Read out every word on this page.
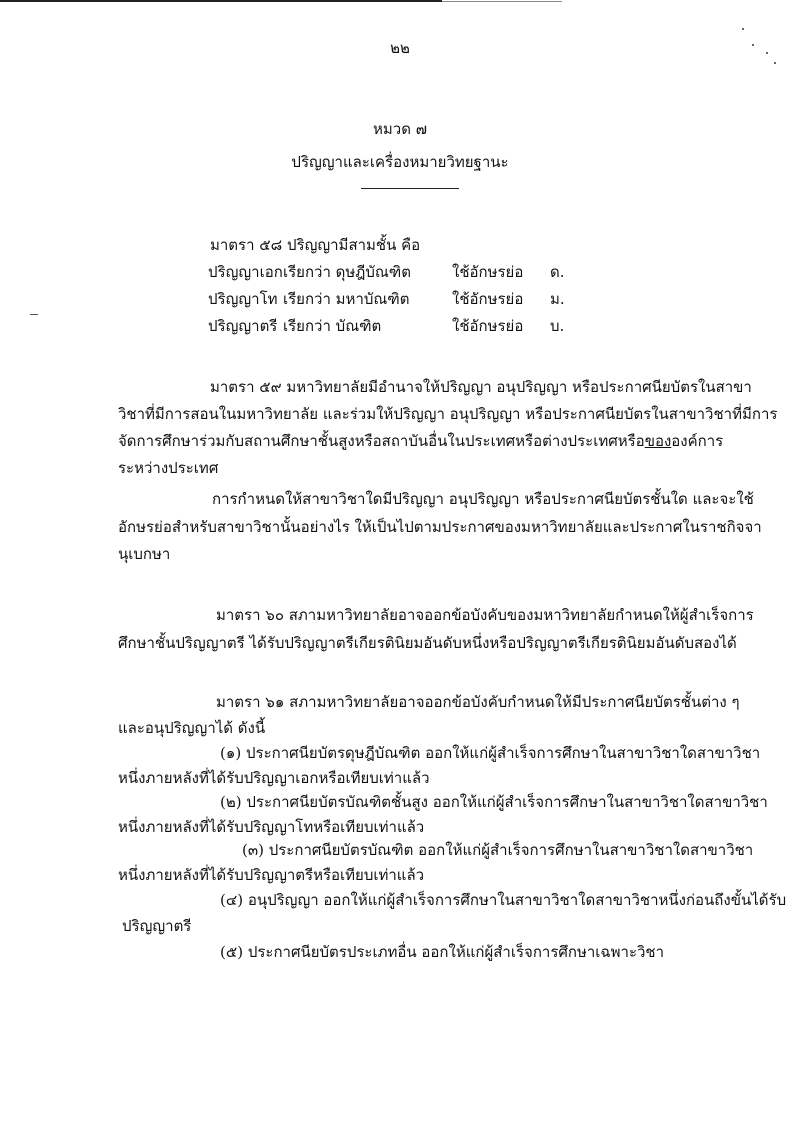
๒๒
หมวด ๗
ปริญญาและเครื่องหมายวิทยฐานะ
มาตรา ๕๘ ปริญญามีสามชั้น คือ
ปริญญาเอก เรียกว่า ดุษฎีบัณฑิต	ใช้อักษรย่อ ด.
ปริญญาโท เรียกว่า มหาบัณฑิต	ใช้อักษรย่อ ม.
ปริญญาตรี เรียกว่า บัณฑิต	ใช้อักษรย่อ บ.
มาตรา ๕๙ มหาวิทยาลัยมีอำนาจให้ปริญญา อนุปริญญา หรือประกาศนียบัตรในสาขา
วิชาที่มีการสอนในมหาวิทยาลัย และร่วมให้ปริญญา อนุปริญญา หรือประกาศนียบัตรในสาขาวิชาที่มีการ
จัดการศึกษาร่วมกับสถานศึกษาชั้นสูงหรือสถาบันอื่นในประเทศหรือต่างประเทศหรือขององค์การ
ระหว่างประเทศ
การกำหนดให้สาขาวิชาใดมีปริญญา อนุปริญญา หรือประกาศนียบัตรชั้นใด และจะใช้
อักษรย่อสำหรับสาขาวิชานั้นอย่างไร ให้เป็นไปตามประกาศของมหาวิทยาลัยและประกาศในราชกิจจา
นุเบกษา
มาตรา ๖๐ สภามหาวิทยาลัยอาจออกข้อบังคับของมหาวิทยาลัยกำหนดให้ผู้สำเร็จการ
ศึกษาชั้นปริญญาตรี ได้รับปริญญาตรีเกียรตินิยมอันดับหนึ่งหรือปริญญาตรีเกียรตินิยมอันดับสองได้
มาตรา ๖๑ สภามหาวิทยาลัยอาจออกข้อบังคับกำหนดให้มีประกาศนียบัตรชั้นต่าง ๆ
และอนุปริญญาได้ ดังนี้
(๑) ประกาศนียบัตรดุษฎีบัณฑิต ออกให้แก่ผู้สำเร็จการศึกษาในสาขาวิชาใดสาขาวิชา
หนึ่งภายหลังที่ได้รับปริญญาเอกหรือเทียบเท่าแล้ว
(๒) ประกาศนียบัตรบัณฑิตชั้นสูง ออกให้แก่ผู้สำเร็จการศึกษาในสาขาวิชาใดสาขาวิชา
หนึ่งภายหลังที่ได้รับปริญญาโทหรือเทียบเท่าแล้ว
(๓) ประกาศนียบัตรบัณฑิต ออกให้แก่ผู้สำเร็จการศึกษาในสาขาวิชาใดสาขาวิชา
หนึ่งภายหลังที่ได้รับปริญญาตรีหรือเทียบเท่าแล้ว
(๔) อนุปริญญา ออกให้แก่ผู้สำเร็จการศึกษาในสาขาวิชาใดสาขาวิชาหนึ่งก่อนถึงขั้นได้รับ
ปริญญาตรี
(๕) ประกาศนียบัตรประเภทอื่น ออกให้แก่ผู้สำเร็จการศึกษาเฉพาะวิชา
